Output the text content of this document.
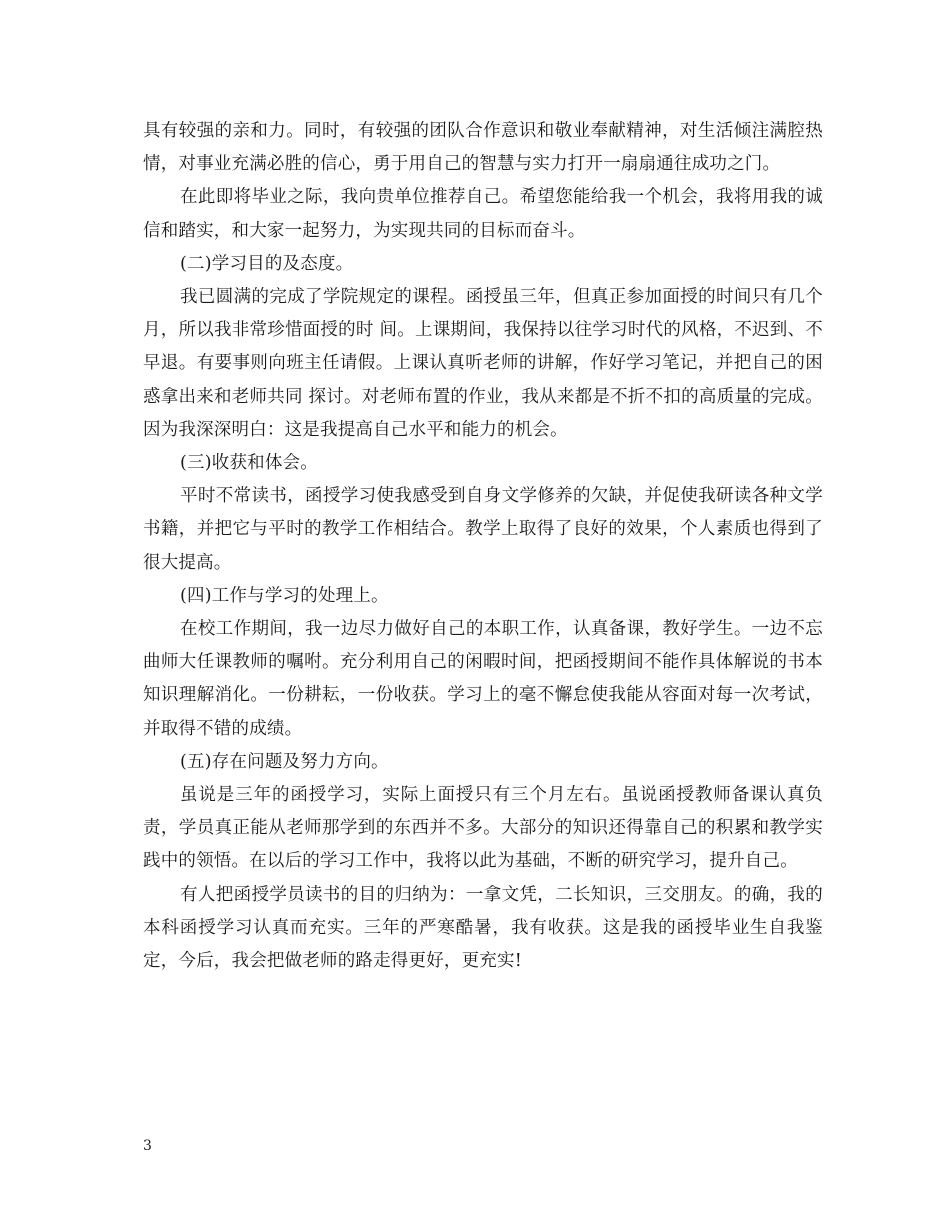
具有较强的亲和力。同时，有较强的团队合作意识和敬业奉献精神，对生活倾注满腔热情，对事业充满必胜的信心，勇于用自己的智慧与实力打开一扇扇通往成功之门。

在此即将毕业之际，我向贵单位推荐自己。希望您能给我一个机会，我将用我的诚信和踏实，和大家一起努力，为实现共同的目标而奋斗。

(二)学习目的及态度。

我已圆满的完成了学院规定的课程。函授虽三年，但真正参加面授的时间只有几个月，所以我非常珍惜面授的时 间。上课期间，我保持以往学习时代的风格，不迟到、不早退。有要事则向班主任请假。上课认真听老师的讲解，作好学习笔记，并把自己的困惑拿出来和老师共同 探讨。对老师布置的作业，我从来都是不折不扣的高质量的完成。因为我深深明白：这是我提高自己水平和能力的机会。

(三)收获和体会。

平时不常读书，函授学习使我感受到自身文学修养的欠缺，并促使我研读各种文学书籍，并把它与平时的教学工作相结合。教学上取得了良好的效果，个人素质也得到了很大提高。

(四)工作与学习的处理上。

在校工作期间，我一边尽力做好自己的本职工作，认真备课，教好学生。一边不忘曲师大任课教师的嘱咐。充分利用自己的闲暇时间，把函授期间不能作具体解说的书本知识理解消化。一份耕耘，一份收获。学习上的毫不懈怠使我能从容面对每一次考试，并取得不错的成绩。

(五)存在问题及努力方向。

虽说是三年的函授学习，实际上面授只有三个月左右。虽说函授教师备课认真负责，学员真正能从老师那学到的东西并不多。大部分的知识还得靠自己的积累和教学实践中的领悟。在以后的学习工作中，我将以此为基础，不断的研究学习，提升自己。

有人把函授学员读书的目的归纳为：一拿文凭，二长知识，三交朋友。的确，我的本科函授学习认真而充实。三年的严寒酷暑，我有收获。这是我的函授毕业生自我鉴定，今后，我会把做老师的路走得更好，更充实!

3
